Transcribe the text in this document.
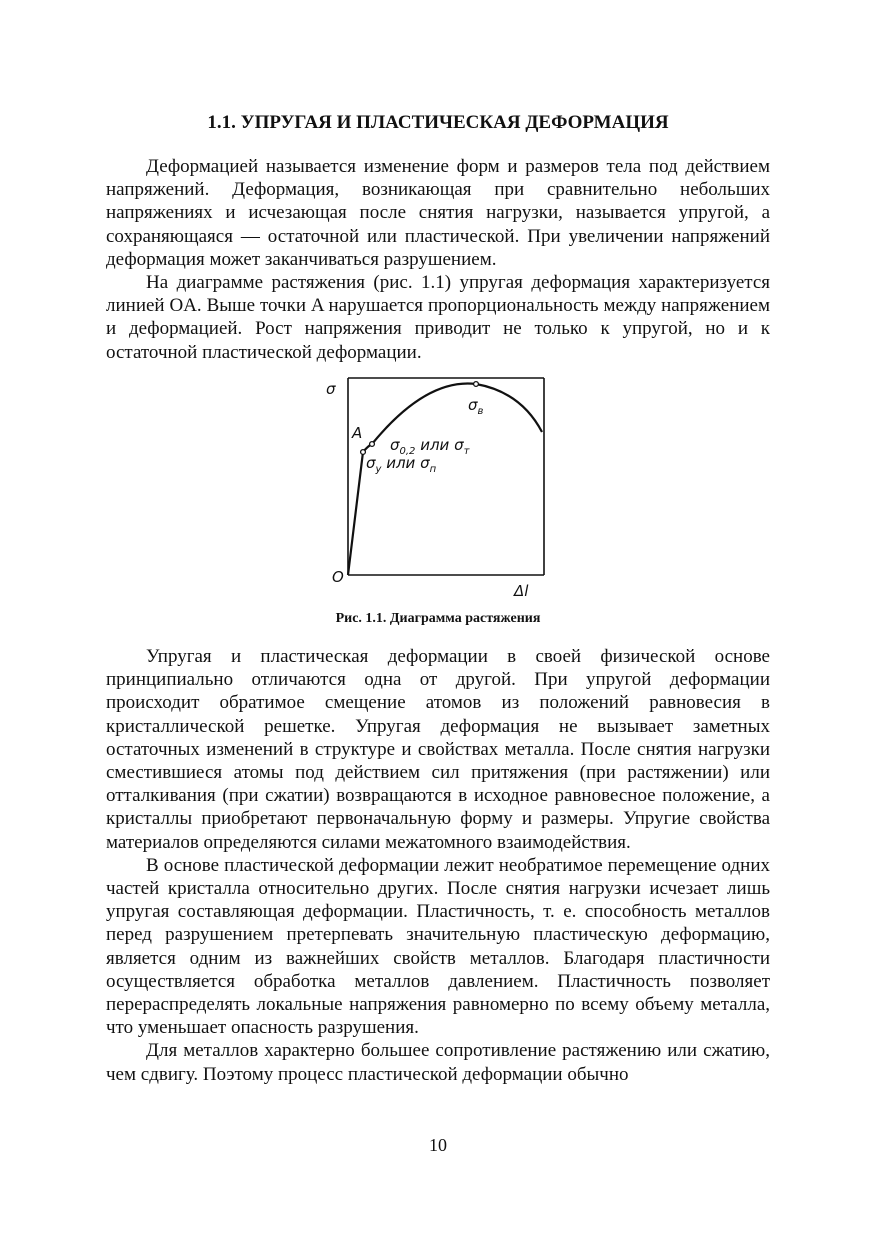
1.1. УПРУГАЯ И ПЛАСТИЧЕСКАЯ ДЕФОРМАЦИЯ

Деформацией называется изменение форм и размеров тела под действием напряжений. Деформация, возникающая при сравнительно небольших напряжениях и исчезающая после снятия нагрузки, называется упругой, а сохраняющаяся — остаточной или пластической. При увеличении напряжений деформация может заканчиваться разрушением.

На диаграмме растяжения (рис. 1.1) упругая деформация характеризуется линией OA. Выше точки A нарушается пропорциональность между напряжением и деформацией. Рост напряжения приводит не только к упругой, но и к остаточной пластической деформации.

σ
Δl
O
A
$\sigma_в$
$\sigma_{0,2}$ или $\sigma_т$
$\sigma_у$ или $\sigma_п$
Рис. 1.1. Диаграмма растяжения

Упругая и пластическая деформации в своей физической основе принципиально отличаются одна от другой. При упругой деформации происходит обратимое смещение атомов из положений равновесия в кристаллической решетке. Упругая деформация не вызывает заметных остаточных изменений в структуре и свойствах металла. После снятия нагрузки сместившиеся атомы под действием сил притяжения (при растяжении) или отталкивания (при сжатии) возвращаются в исходное равновесное положение, а кристаллы приобретают первоначальную форму и размеры. Упругие свойства материалов определяются силами межатомного взаимодействия.

В основе пластической деформации лежит необратимое перемещение одних частей кристалла относительно других. После снятия нагрузки исчезает лишь упругая составляющая деформации. Пластичность, т. е. способность металлов перед разрушением претерпевать значительную пластическую деформацию, является одним из важнейших свойств металлов. Благодаря пластичности осуществляется обработка металлов давлением. Пластичность позволяет перераспределять локальные напряжения равномерно по всему объему металла, что уменьшает опасность разрушения.

Для металлов характерно большее сопротивление растяжению или сжатию, чем сдвигу. Поэтому процесс пластической деформации обычно

10
